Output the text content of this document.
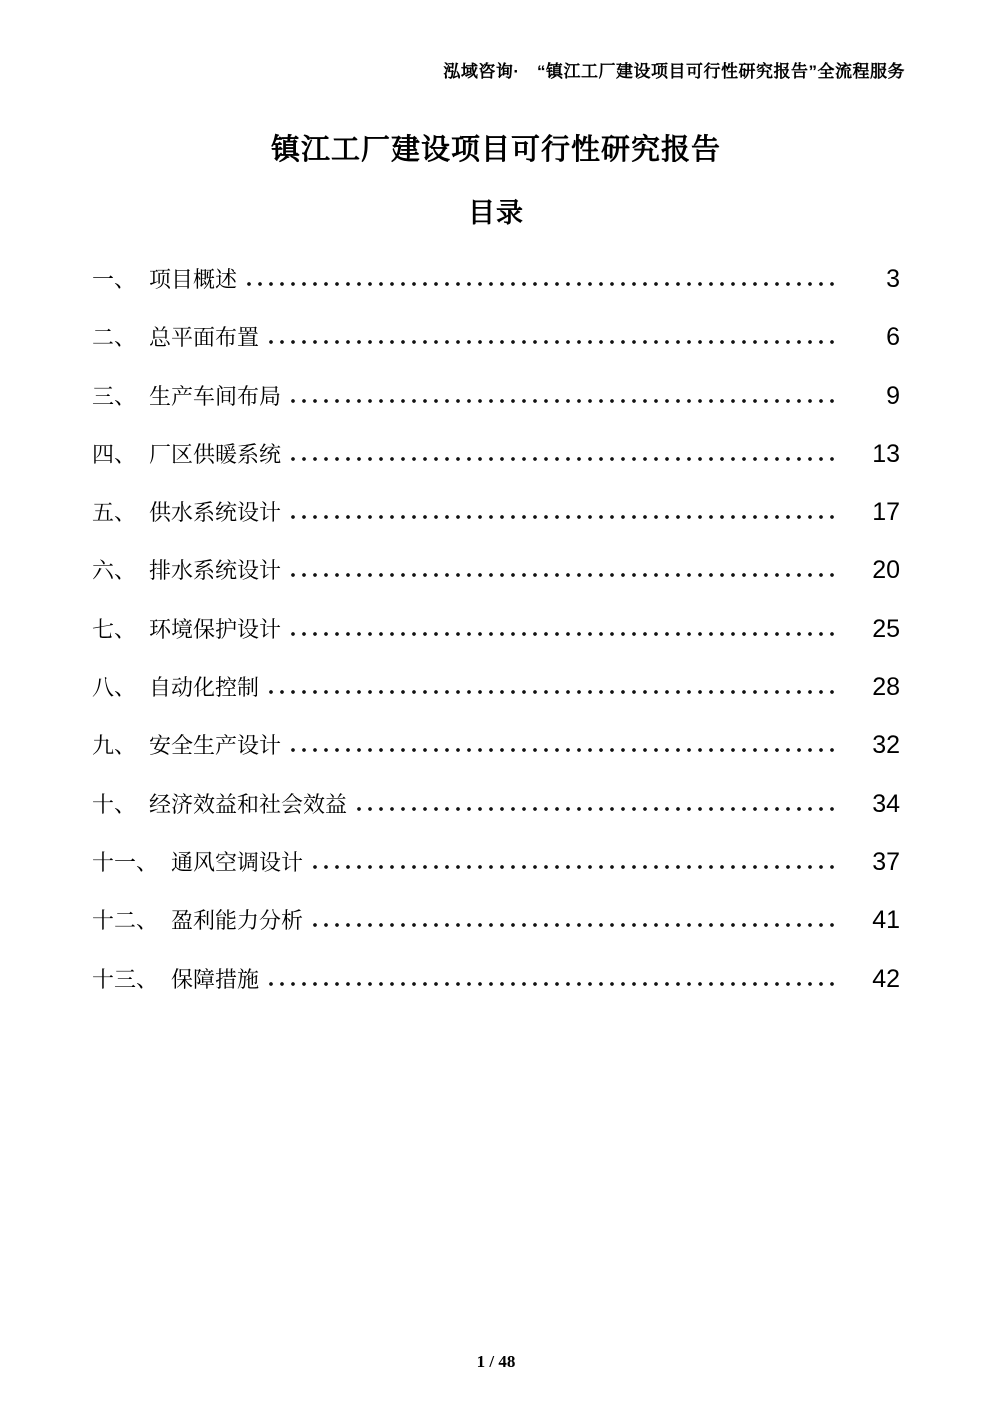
泓域咨询·　“镇江工厂建设项目可行性研究报告”全流程服务
镇江工厂建设项目可行性研究报告
目录
一、 项目概述	3
二、 总平面布置	6
三、 生产车间布局	9
四、 厂区供暖系统	13
五、 供水系统设计	17
六、 排水系统设计	20
七、 环境保护设计	25
八、 自动化控制	28
九、 安全生产设计	32
十、 经济效益和社会效益	34
十一、 通风空调设计	37
十二、 盈利能力分析	41
十三、 保障措施	42
1 / 48
